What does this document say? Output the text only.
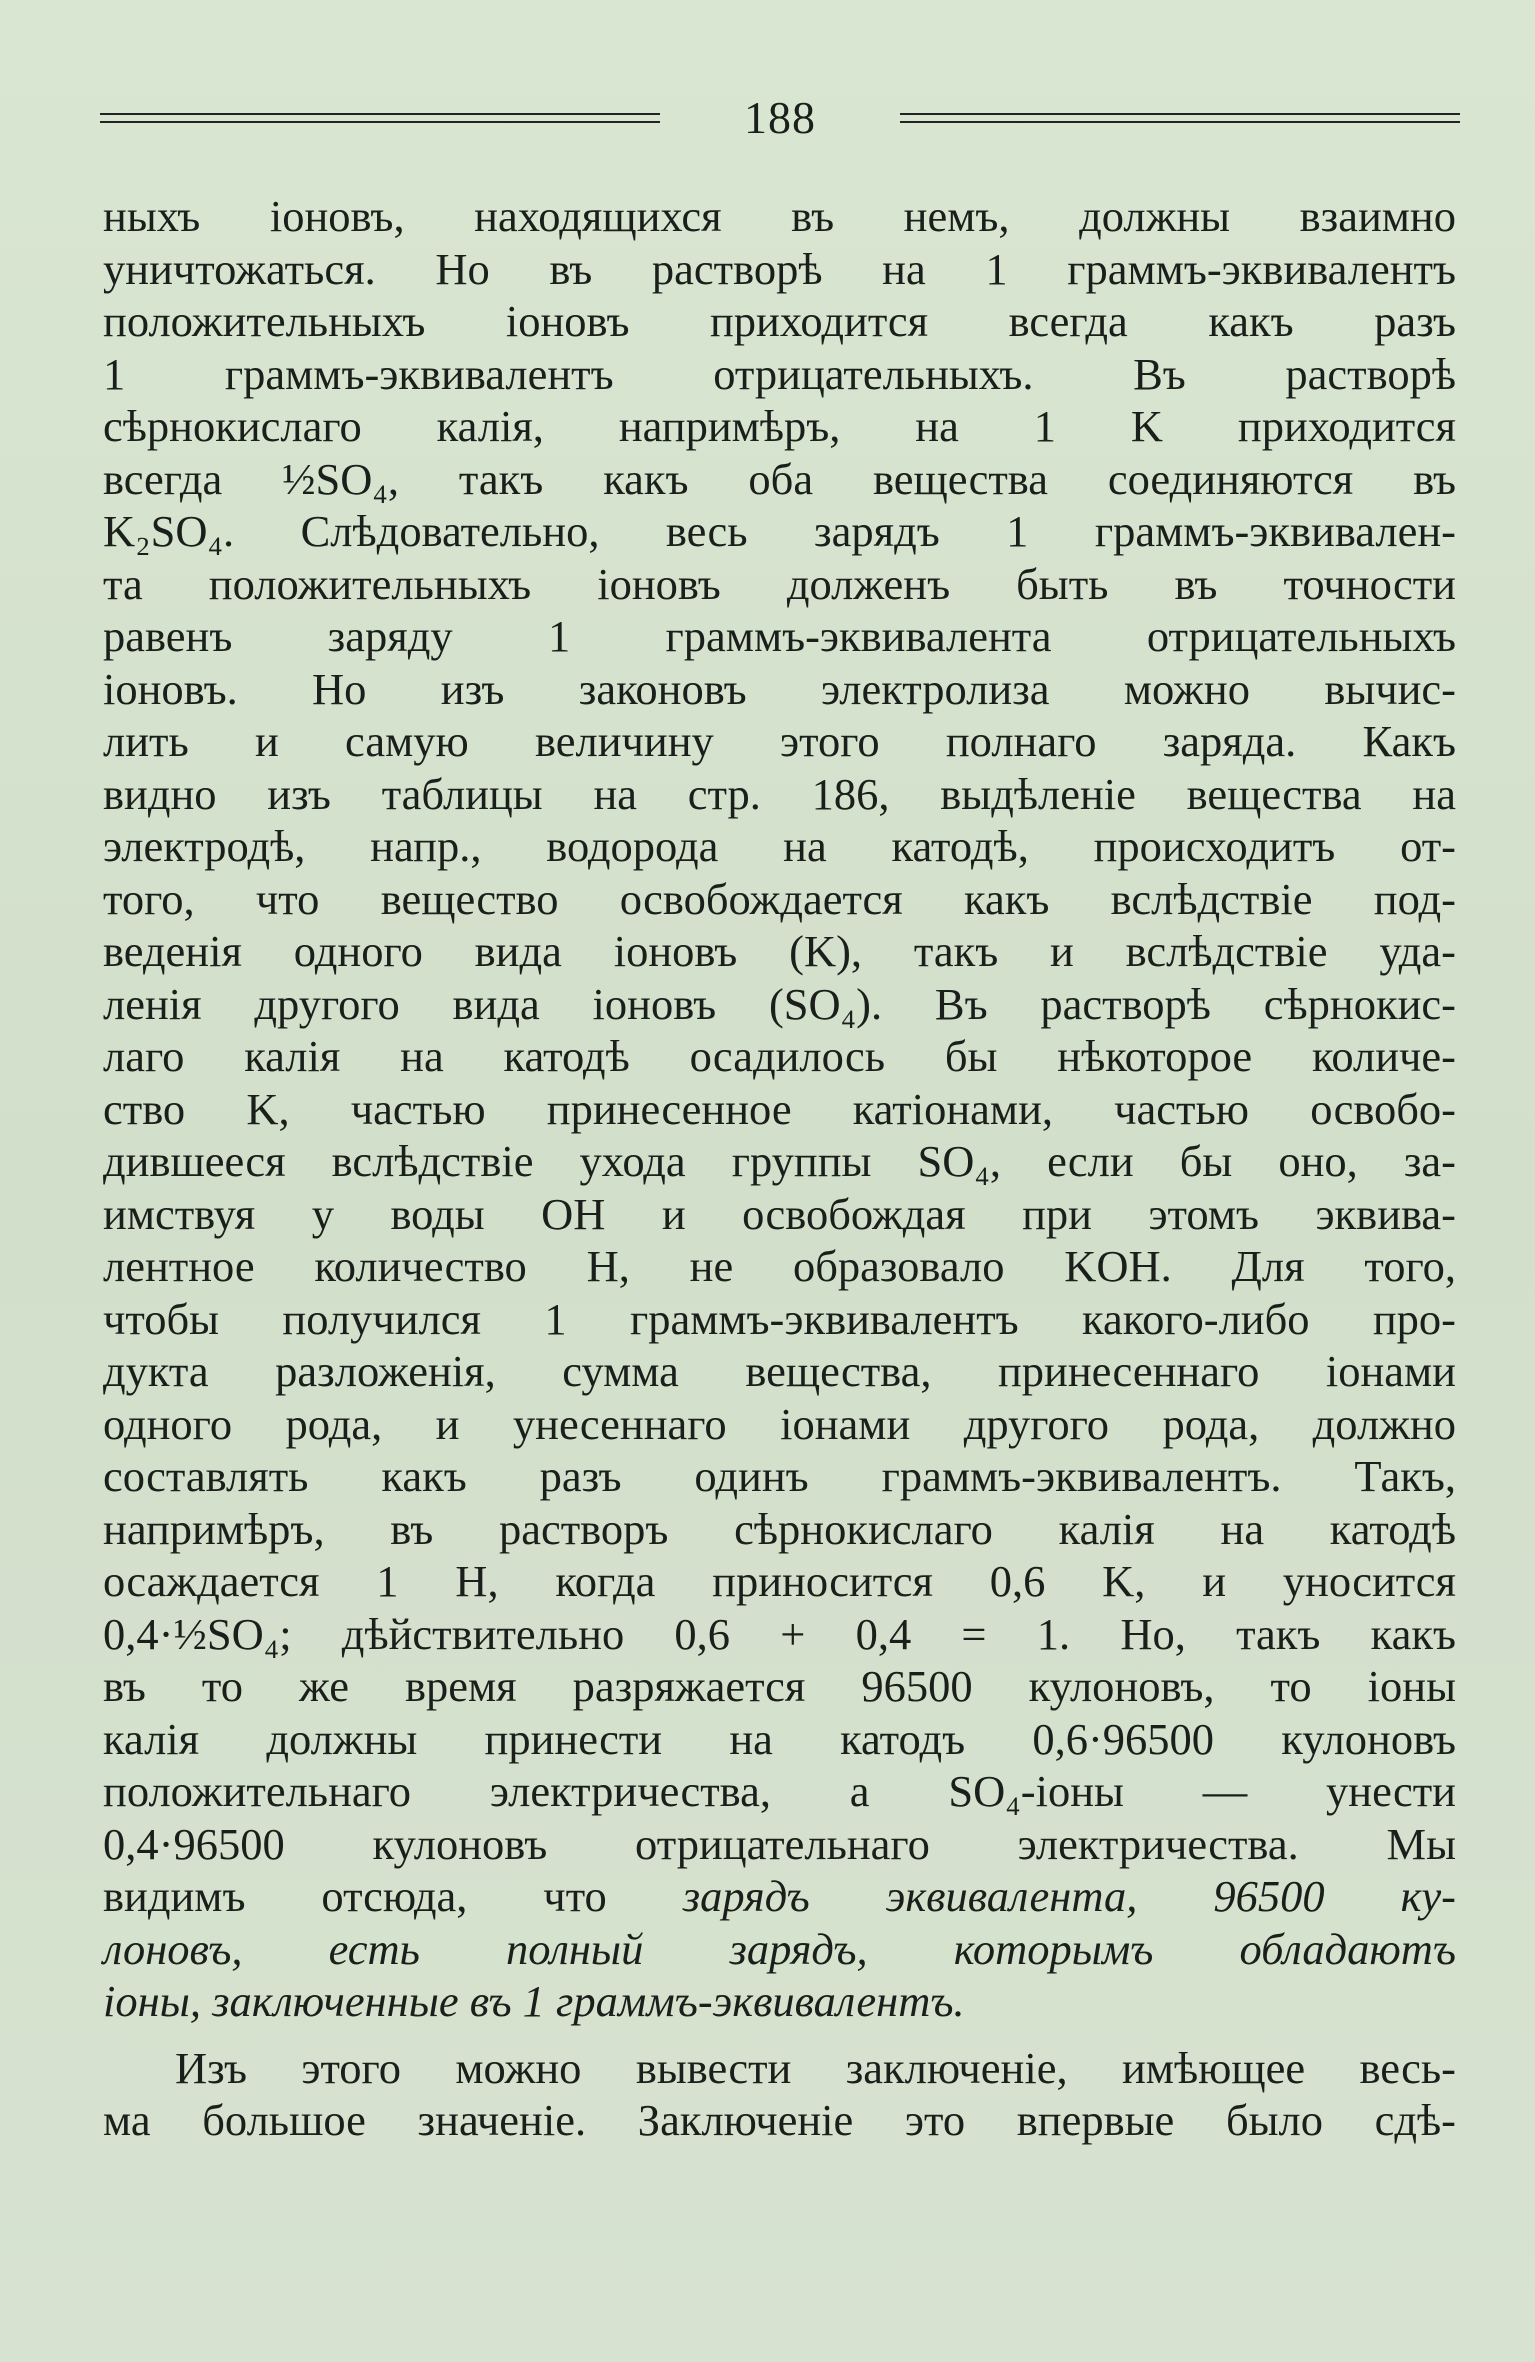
188
ныхъ іоновъ, находящихся въ немъ, должны взаимно
уничтожаться. Но въ растворѣ на 1 граммъ-эквивалентъ
положительныхъ іоновъ приходится всегда какъ разъ
1 граммъ-эквивалентъ отрицательныхъ. Въ растворѣ
сѣрнокислаго калія, напримѣръ, на 1 K приходится
всегда ½SO₄, такъ какъ оба вещества соединяются въ
K₂SO₄. Слѣдовательно, весь зарядъ 1 граммъ-эквивален-
та положительныхъ іоновъ долженъ быть въ точности
равенъ заряду 1 граммъ-эквивалента отрицательныхъ
іоновъ. Но изъ законовъ электролиза можно вычис-
лить и самую величину этого полнаго заряда. Какъ
видно изъ таблицы на стр. 186, выдѣленіе вещества на
электродѣ, напр., водорода на катодѣ, происходитъ от-
того, что вещество освобождается какъ вслѣдствіе под-
веденія одного вида іоновъ (K), такъ и вслѣдствіе уда-
ленія другого вида іоновъ (SO₄). Въ растворѣ сѣрнокис-
лаго калія на катодѣ осадилось бы нѣкоторое количе-
ство K, частью принесенное катіонами, частью освобо-
дившееся вслѣдствіе ухода группы SO₄, если бы оно, за-
имствуя у воды OH и освобождая при этомъ эквива-
лентное количество H, не образовало KOH. Для того,
чтобы получился 1 граммъ-эквивалентъ какого-либо про-
дукта разложенія, сумма вещества, принесеннаго іонами
одного рода, и унесеннаго іонами другого рода, должно
составлять какъ разъ одинъ граммъ-эквивалентъ. Такъ,
напримѣръ, въ растворъ сѣрнокислаго калія на катодѣ
осаждается 1 H, когда приносится 0,6 K, и уносится
0,4·½SO₄; дѣйствительно 0,6 + 0,4 = 1. Но, такъ какъ
въ то же время разряжается 96500 кулоновъ, то іоны
калія должны принести на катодъ 0,6·96500 кулоновъ
положительнаго электричества, а SO₄-іоны — унести
0,4·96500 кулоновъ отрицательнаго электричества. Мы
видимъ отсюда, что зарядъ эквивалента, 96500 ку-
лоновъ, есть полный зарядъ, которымъ обладаютъ
іоны, заключенные въ 1 граммъ-эквивалентъ.
Изъ этого можно вывести заключеніе, имѣющее весь-
ма большое значеніе. Заключеніе это впервые было сдѣ-
